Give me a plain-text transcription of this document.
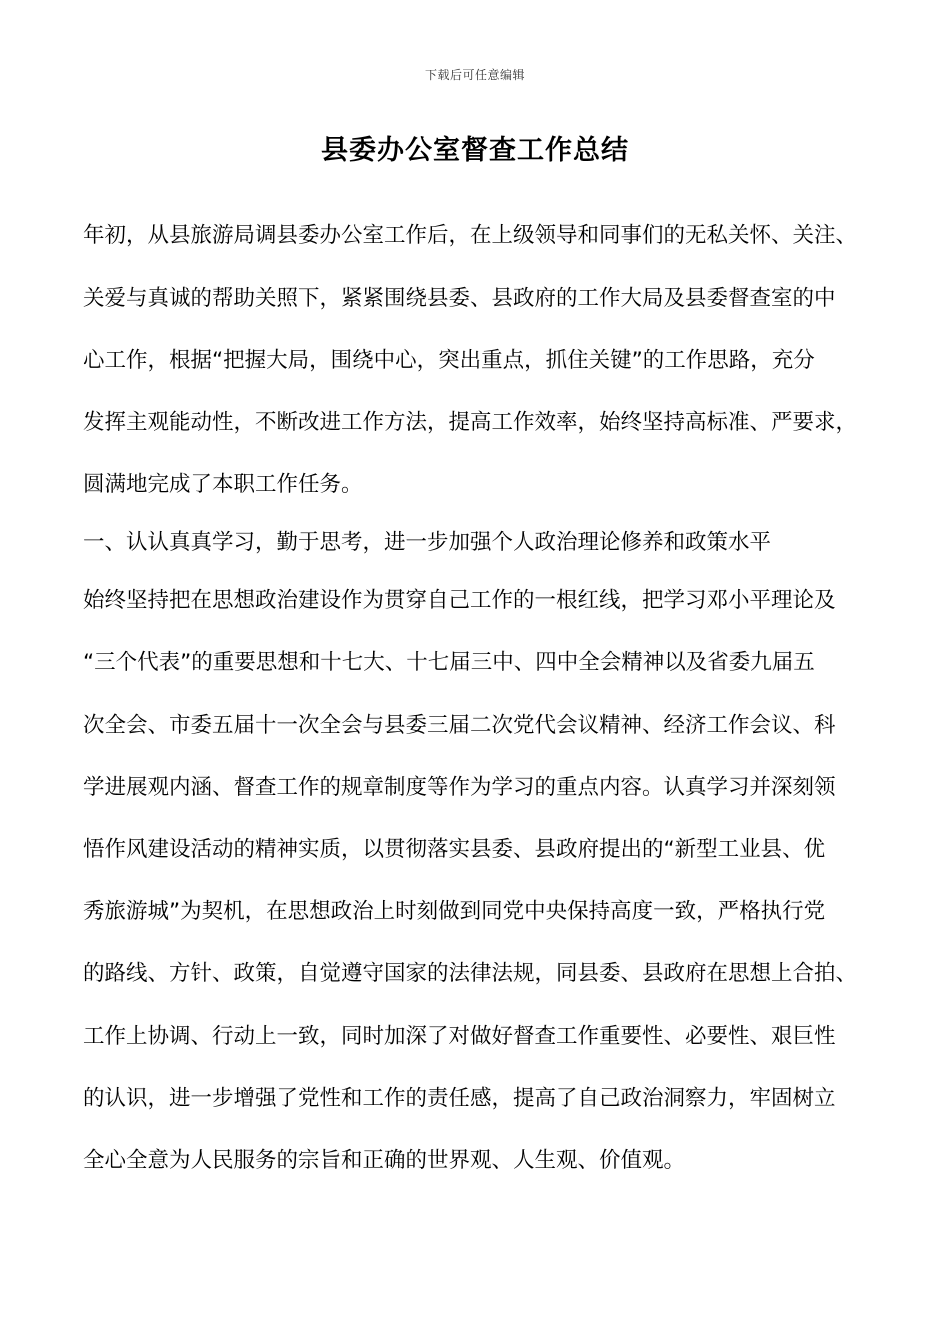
下载后可任意编辑
县委办公室督查工作总结
年初，从县旅游局调县委办公室工作后，在上级领导和同事们的无私关怀、关注、
关爱与真诚的帮助关照下，紧紧围绕县委、县政府的工作大局及县委督查室的中
心工作，根据“把握大局，围绕中心，突出重点，抓住关键”的工作思路，充分
发挥主观能动性，不断改进工作方法，提高工作效率，始终坚持高标准、严要求，
圆满地完成了本职工作任务。
一、认认真真学习，勤于思考，进一步加强个人政治理论修养和政策水平
始终坚持把在思想政治建设作为贯穿自己工作的一根红线，把学习邓小平理论及
“三个代表”的重要思想和十七大、十七届三中、四中全会精神以及省委九届五
次全会、市委五届十一次全会与县委三届二次党代会议精神、经济工作会议、科
学进展观内涵、督查工作的规章制度等作为学习的重点内容。认真学习并深刻领
悟作风建设活动的精神实质，以贯彻落实县委、县政府提出的“新型工业县、优
秀旅游城”为契机，在思想政治上时刻做到同党中央保持高度一致，严格执行党
的路线、方针、政策，自觉遵守国家的法律法规，同县委、县政府在思想上合拍、
工作上协调、行动上一致，同时加深了对做好督查工作重要性、必要性、艰巨性
的认识，进一步增强了党性和工作的责任感，提高了自己政治洞察力，牢固树立
全心全意为人民服务的宗旨和正确的世界观、人生观、价值观。
